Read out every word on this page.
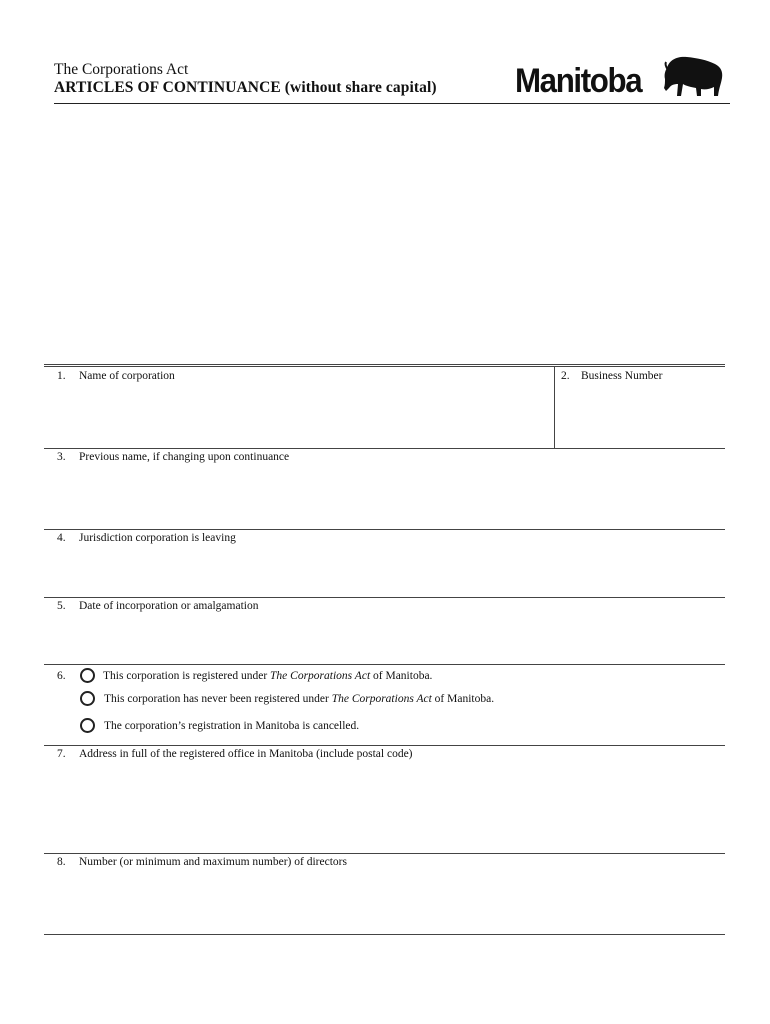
The Corporations Act
ARTICLES OF CONTINUANCE (without share capital) Manitoba
1. Name of corporation	2. Business Number
3. Previous name, if changing upon continuance
4. Jurisdiction corporation is leaving
5. Date of incorporation or amalgamation
6.	This corporation is registered under The Corporations Act of Manitoba.
This corporation has never been registered under The Corporations Act of Manitoba.
The corporation’s registration in Manitoba is cancelled.
7. Address in full of the registered office in Manitoba (include postal code)
8. Number (or minimum and maximum number) of directors
